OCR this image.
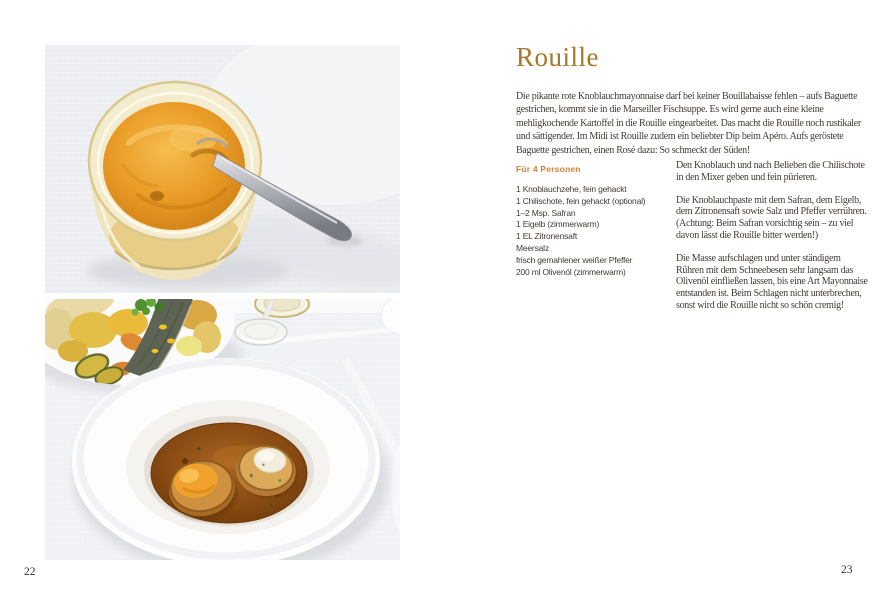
22
Rouille

Die pikante rote Knoblauchmayonnaise darf bei keiner Bouillabaisse fehlen – aufs Baguette gestrichen, kommt sie in die Marseiller Fischsuppe. Es wird gerne auch eine kleine mehligkochende Kartoffel in die Rouille eingearbeitet. Das macht die Rouille noch rustikaler und sättigender. Im Midi ist Rouille zudem ein beliebter Dip beim Apéro. Aufs geröstete Baguette gestrichen, einen Rosé dazu: So schmeckt der Süden!

Für 4 Personen
1 Knoblauchzehe, fein gehackt
1 Chilischote, fein gehackt (optional)
1–2 Msp. Safran
1 Eigelb (zimmerwarm)
1 EL Zitronensaft
Meersalz
frisch gemahlener weißer Pfeffer
200 ml Olivenöl (zimmerwarm)

Den Knoblauch und nach Belieben die Chilischote in den Mixer geben und fein pürieren.

Die Knoblauchpaste mit dem Safran, dem Eigelb, dem Zitronensaft sowie Salz und Pfeffer verrühren. (Achtung: Beim Safran vorsichtig sein – zu viel davon lässt die Rouille bitter werden!)

Die Masse aufschlagen und unter ständigem Rühren mit dem Schneebesen sehr langsam das Olivenöl einfließen lassen, bis eine Art Mayonnaise entstanden ist. Beim Schlagen nicht unterbrechen, sonst wird die Rouille nicht so schön cremig!

23
